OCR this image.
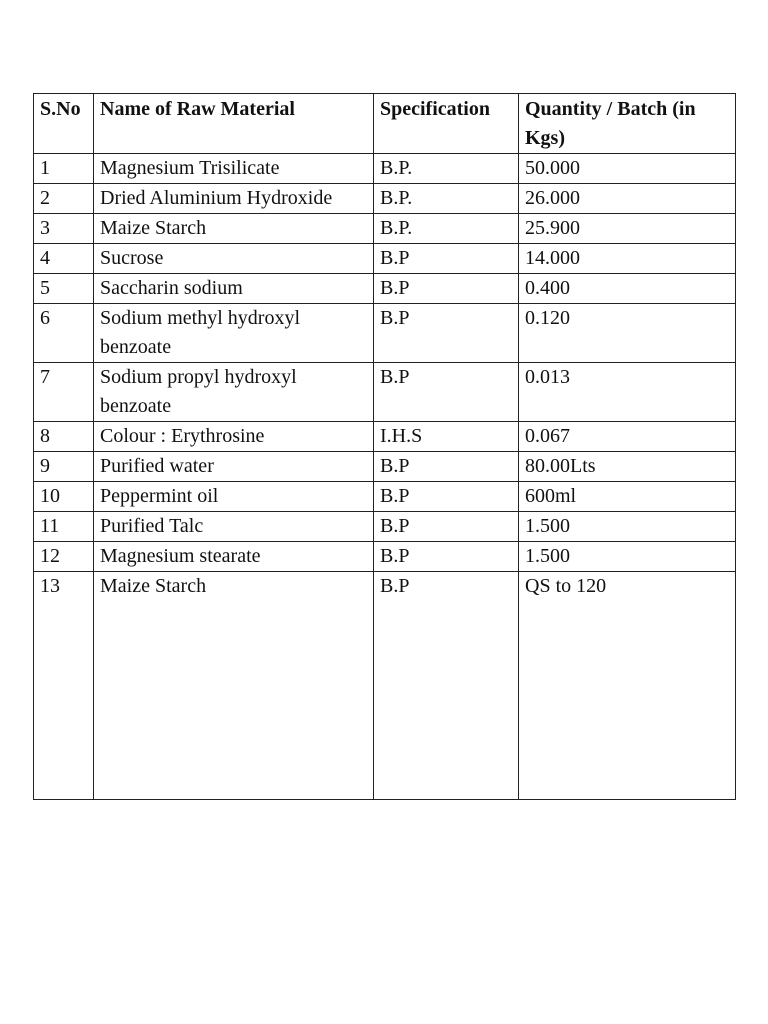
S.No	Name of Raw Material	Specification	Quantity / Batch (in Kgs)
1	Magnesium Trisilicate	B.P.	50.000
2	Dried Aluminium Hydroxide	B.P.	26.000
3	Maize Starch	B.P.	25.900
4	Sucrose	B.P	14.000
5	Saccharin sodium	B.P	0.400
6	Sodium methyl hydroxyl benzoate	B.P	0.120
7	Sodium propyl hydroxyl benzoate	B.P	0.013
8	Colour : Erythrosine	I.H.S	0.067
9	Purified water	B.P	80.00Lts
10	Peppermint oil	B.P	600ml
11	Purified Talc	B.P	1.500
12	Magnesium stearate	B.P	1.500
13	Maize Starch	B.P	QS to 120
